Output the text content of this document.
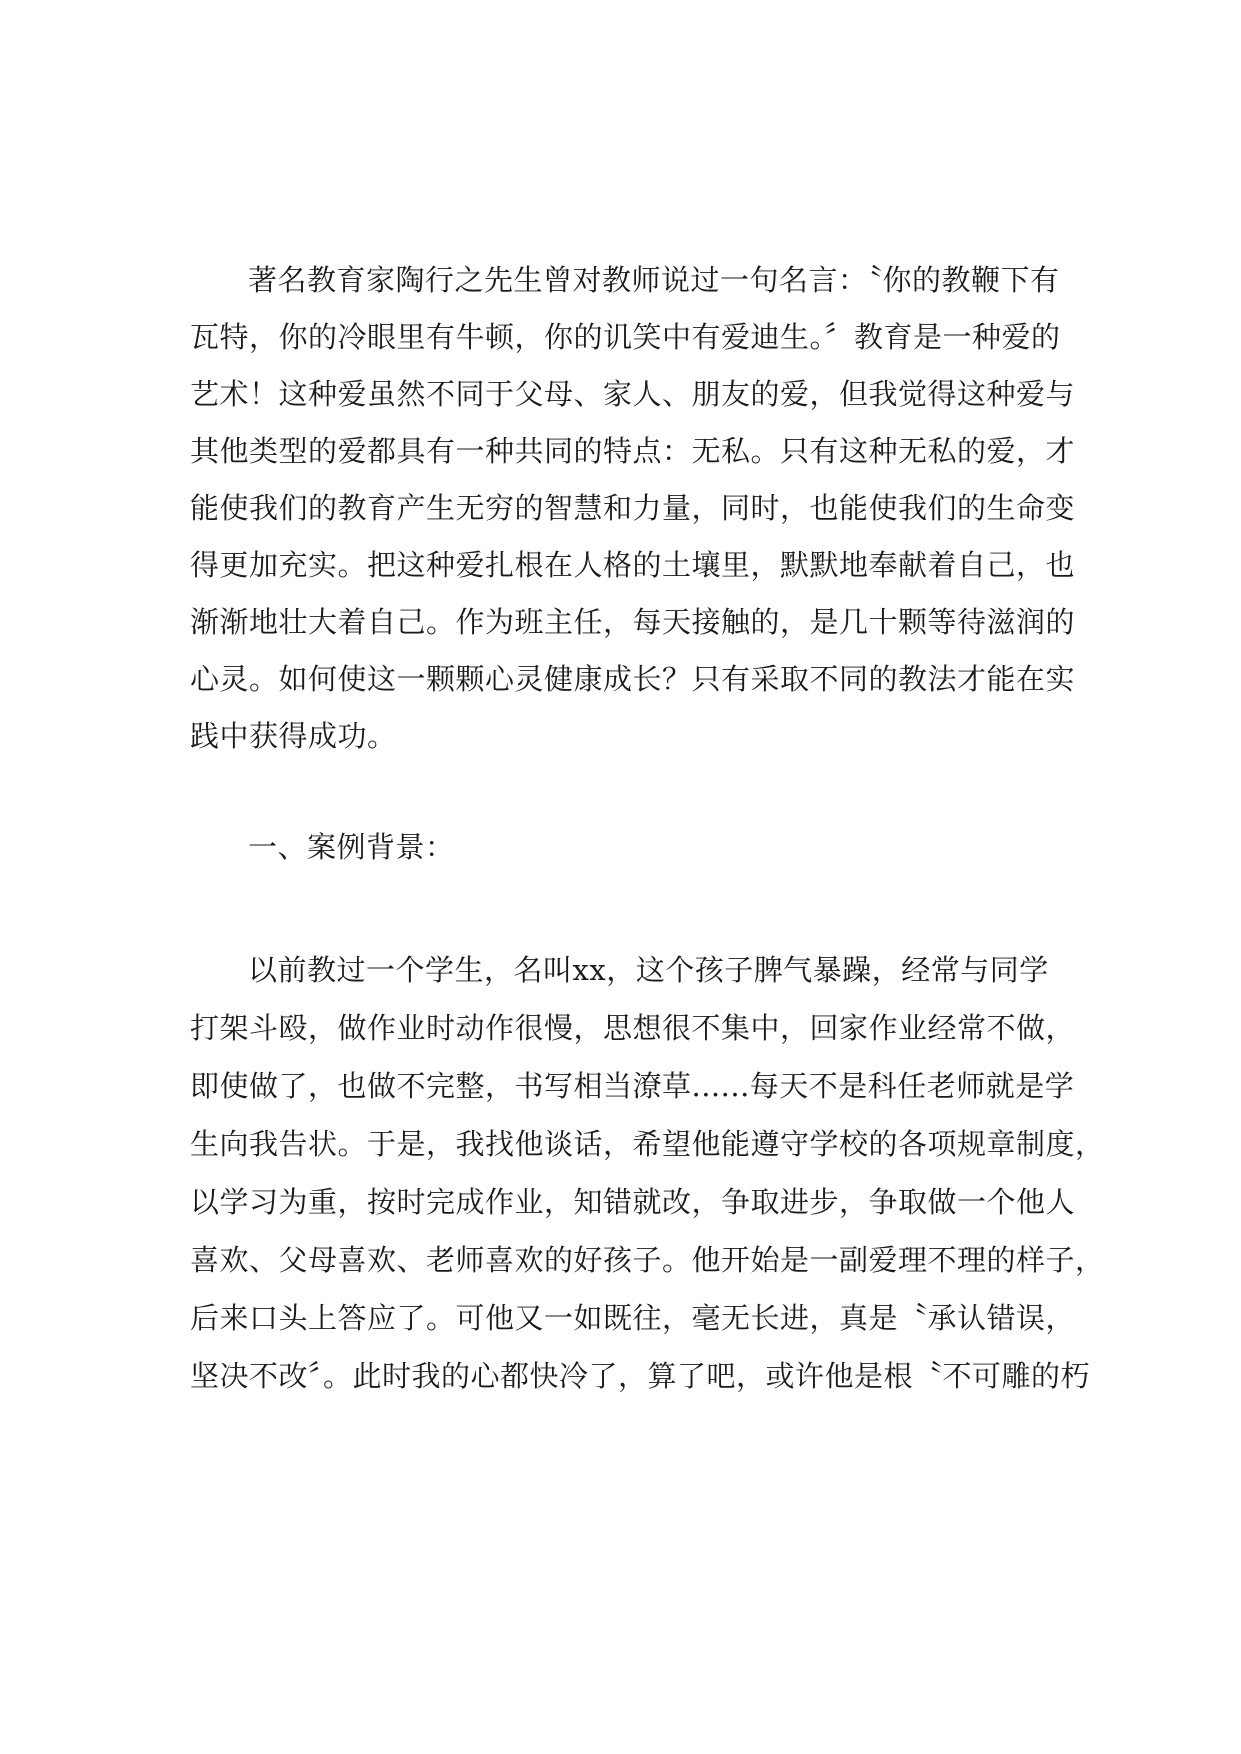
著名教育家陶行之先生曾对教师说过一句名言：〝你的教鞭下有

瓦特，你的冷眼里有牛顿，你的讥笑中有爱迪生。〞教育是一种爱的

艺术！这种爱虽然不同于父母、家人、朋友的爱，但我觉得这种爱与

其他类型的爱都具有一种共同的特点：无私。只有这种无私的爱，才

能使我们的教育产生无穷的智慧和力量，同时，也能使我们的生命变

得更加充实。把这种爱扎根在人格的土壤里，默默地奉献着自己，也

渐渐地壮大着自己。作为班主任，每天接触的，是几十颗等待滋润的

心灵。如何使这一颗颗心灵健康成长？只有采取不同的教法才能在实

践中获得成功。

一、案例背景：

以前教过一个学生，名叫xx，这个孩子脾气暴躁，经常与同学

打架斗殴，做作业时动作很慢，思想很不集中，回家作业经常不做，

即使做了，也做不完整，书写相当潦草......每天不是科任老师就是学

生向我告状。于是，我找他谈话，希望他能遵守学校的各项规章制度，

以学习为重，按时完成作业，知错就改，争取进步，争取做一个他人

喜欢、父母喜欢、老师喜欢的好孩子。他开始是一副爱理不理的样子，

后来口头上答应了。可他又一如既往，毫无长进，真是〝承认错误，

坚决不改〞。此时我的心都快冷了，算了吧，或许他是根〝不可雕的朽
